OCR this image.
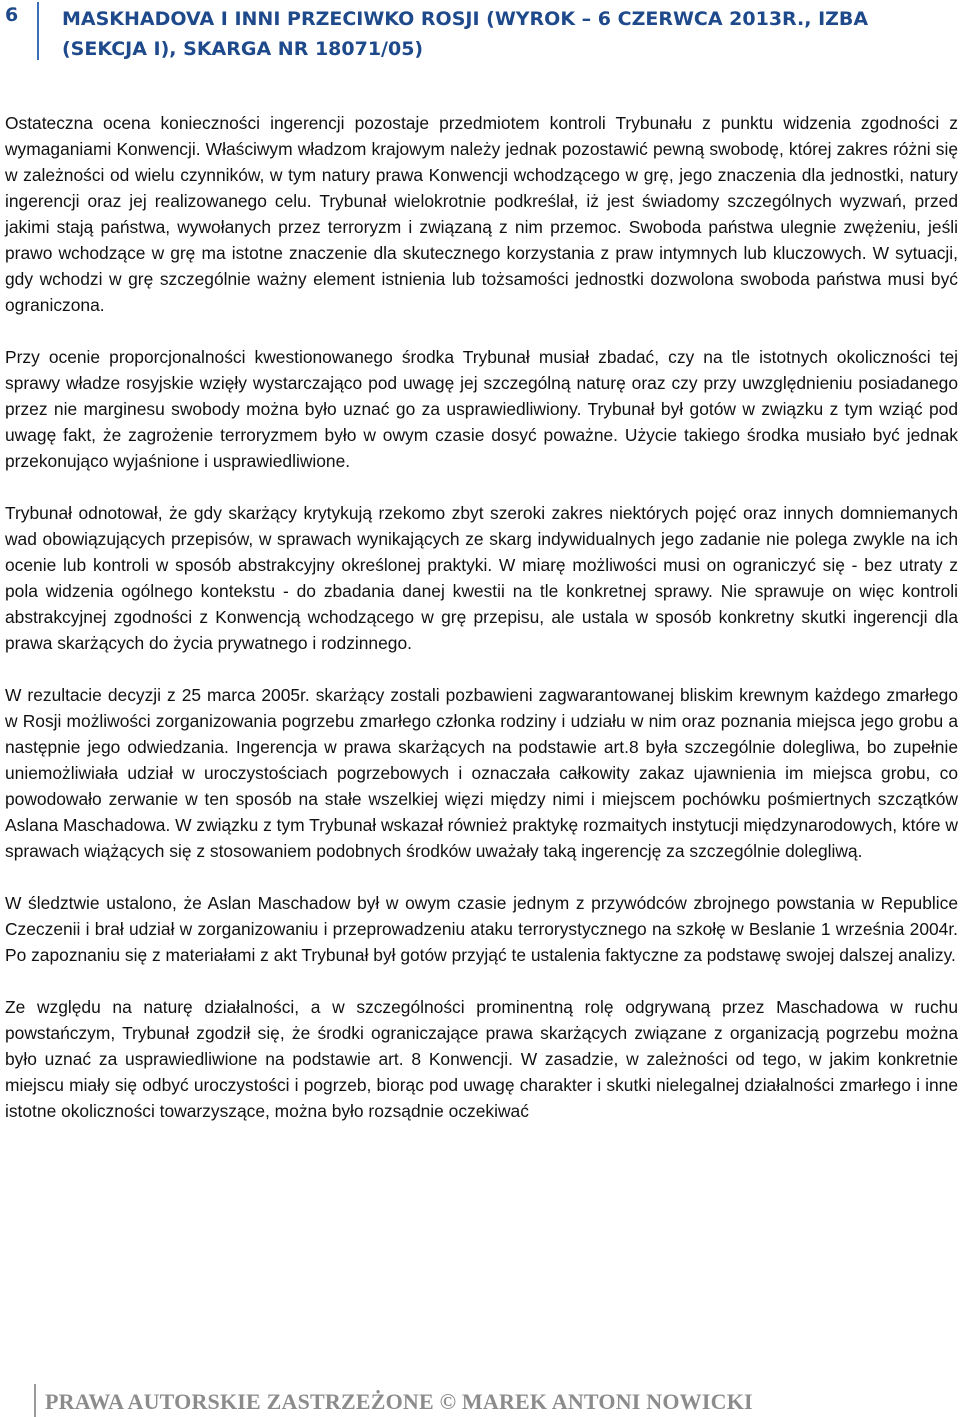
6 MASKHADOVA I INNI PRZECIWKO ROSJI (WYROK – 6 CZERWCA 2013R., IZBA (SEKCJA I), SKARGA NR 18071/05)

Ostateczna ocena konieczności ingerencji pozostaje przedmiotem kontroli Trybunału z punktu widzenia zgodności z wymaganiami Konwencji. Właściwym władzom krajowym należy jednak pozostawić pewną swobodę, której zakres różni się w zależności od wielu czynników, w tym natury prawa Konwencji wchodzącego w grę, jego znaczenia dla jednostki, natury ingerencji oraz jej realizowanego celu. Trybunał wielokrotnie podkreślał, iż jest świadomy szczególnych wyzwań, przed jakimi stają państwa, wywołanych przez terroryzm i związaną z nim przemoc. Swoboda państwa ulegnie zwężeniu, jeśli prawo wchodzące w grę ma istotne znaczenie dla skutecznego korzystania z praw intymnych lub kluczowych. W sytuacji, gdy wchodzi w grę szczególnie ważny element istnienia lub tożsamości jednostki dozwolona swoboda państwa musi być ograniczona.

Przy ocenie proporcjonalności kwestionowanego środka Trybunał musiał zbadać, czy na tle istotnych okoliczności tej sprawy władze rosyjskie wzięły wystarczająco pod uwagę jej szczególną naturę oraz czy przy uwzględnieniu posiadanego przez nie marginesu swobody można było uznać go za usprawiedliwiony. Trybunał był gotów w związku z tym wziąć pod uwagę fakt, że zagrożenie terroryzmem było w owym czasie dosyć poważne. Użycie takiego środka musiało być jednak przekonująco wyjaśnione i usprawiedliwione.

Trybunał odnotował, że gdy skarżący krytykują rzekomo zbyt szeroki zakres niektórych pojęć oraz innych domniemanych wad obowiązujących przepisów, w sprawach wynikających ze skarg indywidualnych jego zadanie nie polega zwykle na ich ocenie lub kontroli w sposób abstrakcyjny określonej praktyki. W miarę możliwości musi on ograniczyć się - bez utraty z pola widzenia ogólnego kontekstu - do zbadania danej kwestii na tle konkretnej sprawy. Nie sprawuje on więc kontroli abstrakcyjnej zgodności z Konwencją wchodzącego w grę przepisu, ale ustala w sposób konkretny skutki ingerencji dla prawa skarżących do życia prywatnego i rodzinnego.

W rezultacie decyzji z 25 marca 2005r. skarżący zostali pozbawieni zagwarantowanej bliskim krewnym każdego zmarłego w Rosji możliwości zorganizowania pogrzebu zmarłego członka rodziny i udziału w nim oraz poznania miejsca jego grobu a następnie jego odwiedzania. Ingerencja w prawa skarżących na podstawie art.8 była szczególnie dolegliwa, bo zupełnie uniemożliwiała udział w uroczystościach pogrzebowych i oznaczała całkowity zakaz ujawnienia im miejsca grobu, co powodowało zerwanie w ten sposób na stałe wszelkiej więzi między nimi i miejscem pochówku pośmiertnych szczątków Aslana Maschadowa. W związku z tym Trybunał wskazał również praktykę rozmaitych instytucji międzynarodowych, które w sprawach wiążących się z stosowaniem podobnych środków uważały taką ingerencję za szczególnie dolegliwą.

W śledztwie ustalono, że Aslan Maschadow był w owym czasie jednym z przywódców zbrojnego powstania w Republice Czeczenii i brał udział w zorganizowaniu i przeprowadzeniu ataku terrorystycznego na szkołę w Beslanie 1 września 2004r. Po zapoznaniu się z materiałami z akt Trybunał był gotów przyjąć te ustalenia faktyczne za podstawę swojej dalszej analizy.

Ze względu na naturę działalności, a w szczególności prominentną rolę odgrywaną przez Maschadowa w ruchu powstańczym, Trybunał zgodził się, że środki ograniczające prawa skarżących związane z organizacją pogrzebu można było uznać za usprawiedliwione na podstawie art. 8 Konwencji. W zasadzie, w zależności od tego, w jakim konkretnie miejscu miały się odbyć uroczystości i pogrzeb, biorąc pod uwagę charakter i skutki nielegalnej działalności zmarłego i inne istotne okoliczności towarzyszące, można było rozsądnie oczekiwać

PRAWA AUTORSKIE ZASTRZEŻONE © MAREK ANTONI NOWICKI
